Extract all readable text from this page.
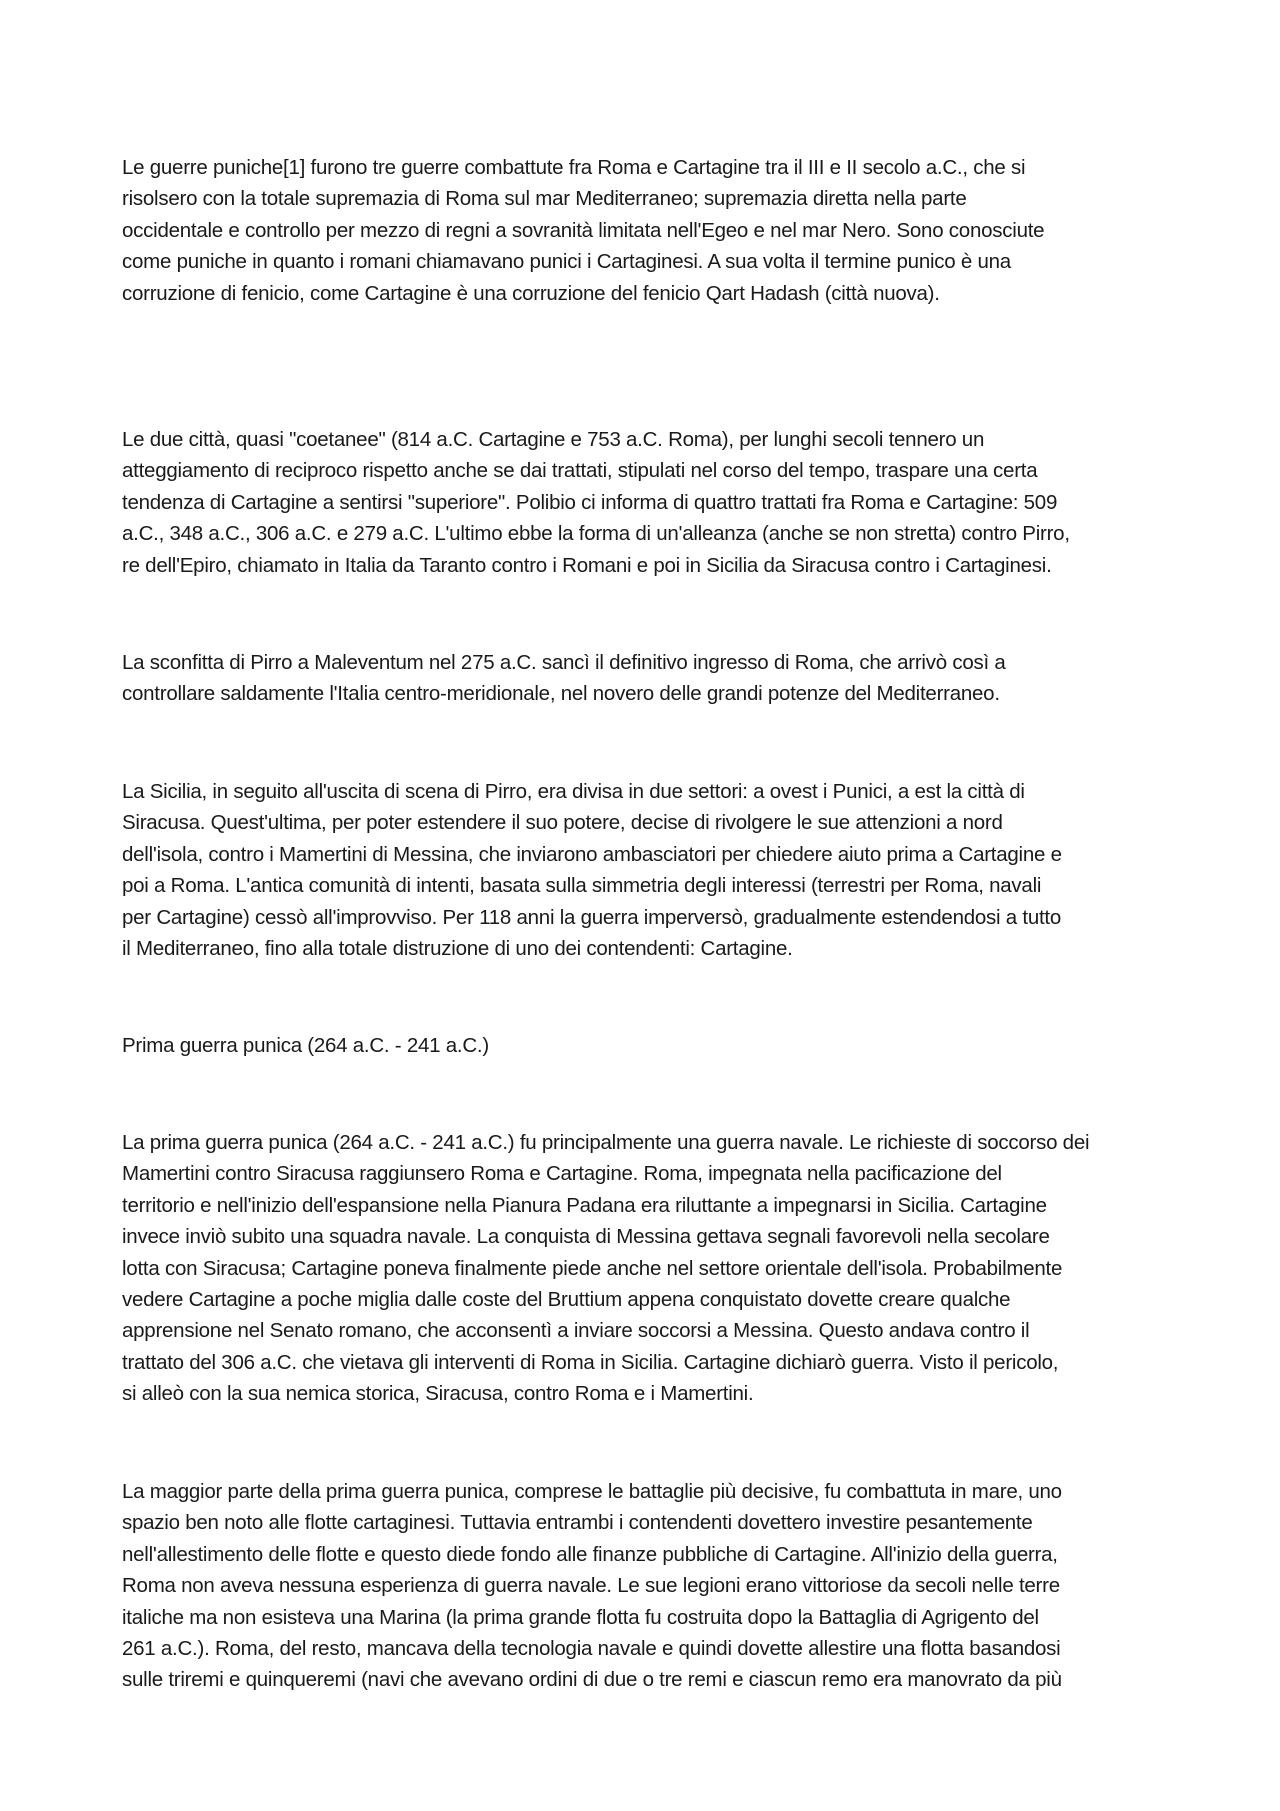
Le guerre puniche[1] furono tre guerre combattute fra Roma e Cartagine tra il III e II secolo a.C., che si
risolsero con la totale supremazia di Roma sul mar Mediterraneo; supremazia diretta nella parte
occidentale e controllo per mezzo di regni a sovranità limitata nell'Egeo e nel mar Nero. Sono conosciute
come puniche in quanto i romani chiamavano punici i Cartaginesi. A sua volta il termine punico è una
corruzione di fenicio, come Cartagine è una corruzione del fenicio Qart Hadash (città nuova).

Le due città, quasi "coetanee" (814 a.C. Cartagine e 753 a.C. Roma), per lunghi secoli tennero un
atteggiamento di reciproco rispetto anche se dai trattati, stipulati nel corso del tempo, traspare una certa
tendenza di Cartagine a sentirsi "superiore". Polibio ci informa di quattro trattati fra Roma e Cartagine: 509
a.C., 348 a.C., 306 a.C. e 279 a.C. L'ultimo ebbe la forma di un'alleanza (anche se non stretta) contro Pirro,
re dell'Epiro, chiamato in Italia da Taranto contro i Romani e poi in Sicilia da Siracusa contro i Cartaginesi.

La sconfitta di Pirro a Maleventum nel 275 a.C. sancì il definitivo ingresso di Roma, che arrivò così a
controllare saldamente l'Italia centro-meridionale, nel novero delle grandi potenze del Mediterraneo.

La Sicilia, in seguito all'uscita di scena di Pirro, era divisa in due settori: a ovest i Punici, a est la città di
Siracusa. Quest'ultima, per poter estendere il suo potere, decise di rivolgere le sue attenzioni a nord
dell'isola, contro i Mamertini di Messina, che inviarono ambasciatori per chiedere aiuto prima a Cartagine e
poi a Roma. L'antica comunità di intenti, basata sulla simmetria degli interessi (terrestri per Roma, navali
per Cartagine) cessò all'improvviso. Per 118 anni la guerra imperversò, gradualmente estendendosi a tutto
il Mediterraneo, fino alla totale distruzione di uno dei contendenti: Cartagine.

Prima guerra punica (264 a.C. - 241 a.C.)

La prima guerra punica (264 a.C. - 241 a.C.) fu principalmente una guerra navale. Le richieste di soccorso dei
Mamertini contro Siracusa raggiunsero Roma e Cartagine. Roma, impegnata nella pacificazione del
territorio e nell'inizio dell'espansione nella Pianura Padana era riluttante a impegnarsi in Sicilia. Cartagine
invece inviò subito una squadra navale. La conquista di Messina gettava segnali favorevoli nella secolare
lotta con Siracusa; Cartagine poneva finalmente piede anche nel settore orientale dell'isola. Probabilmente
vedere Cartagine a poche miglia dalle coste del Bruttium appena conquistato dovette creare qualche
apprensione nel Senato romano, che acconsentì a inviare soccorsi a Messina. Questo andava contro il
trattato del 306 a.C. che vietava gli interventi di Roma in Sicilia. Cartagine dichiarò guerra. Visto il pericolo,
si alleò con la sua nemica storica, Siracusa, contro Roma e i Mamertini.

La maggior parte della prima guerra punica, comprese le battaglie più decisive, fu combattuta in mare, uno
spazio ben noto alle flotte cartaginesi. Tuttavia entrambi i contendenti dovettero investire pesantemente
nell'allestimento delle flotte e questo diede fondo alle finanze pubbliche di Cartagine. All'inizio della guerra,
Roma non aveva nessuna esperienza di guerra navale. Le sue legioni erano vittoriose da secoli nelle terre
italiche ma non esisteva una Marina (la prima grande flotta fu costruita dopo la Battaglia di Agrigento del
261 a.C.). Roma, del resto, mancava della tecnologia navale e quindi dovette allestire una flotta basandosi
sulle triremi e quinqueremi (navi che avevano ordini di due o tre remi e ciascun remo era manovrato da più
